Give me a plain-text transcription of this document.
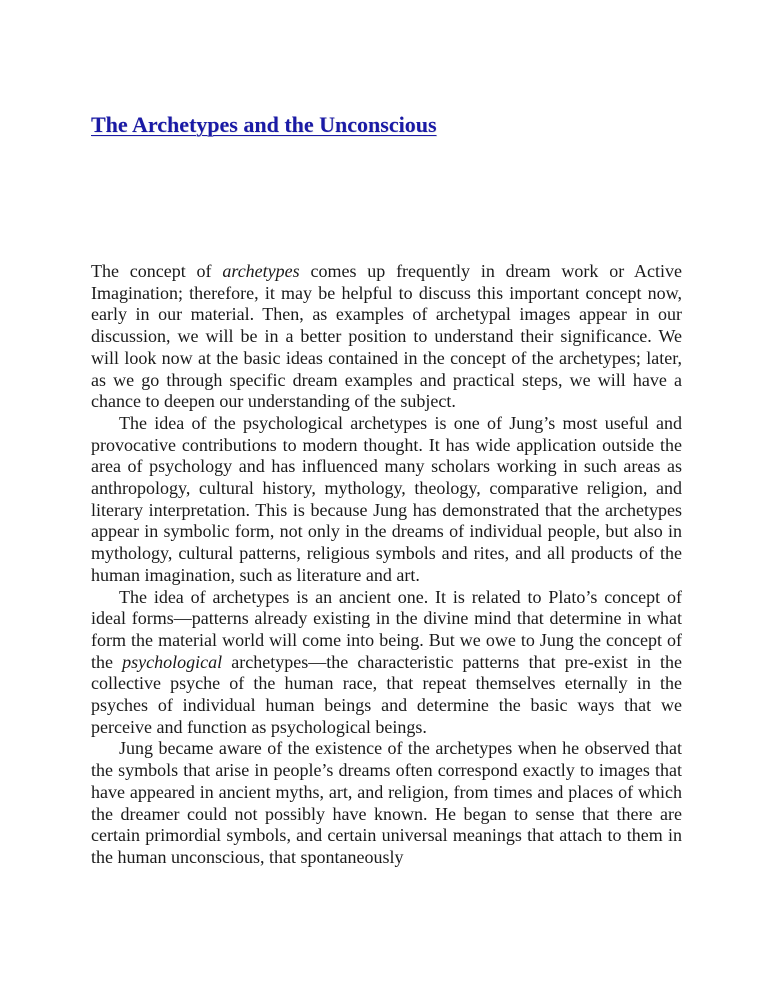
The Archetypes and the Unconscious

The concept of archetypes comes up frequently in dream work or Active Imagination; therefore, it may be helpful to discuss this important concept now, early in our material. Then, as examples of archetypal images appear in our discussion, we will be in a better position to understand their significance. We will look now at the basic ideas contained in the concept of the archetypes; later, as we go through specific dream examples and practical steps, we will have a chance to deepen our understanding of the subject.

The idea of the psychological archetypes is one of Jung’s most useful and provocative contributions to modern thought. It has wide application outside the area of psychology and has influenced many scholars working in such areas as anthropology, cultural history, mythology, theology, comparative religion, and literary interpretation. This is because Jung has demonstrated that the archetypes appear in symbolic form, not only in the dreams of individual people, but also in mythology, cultural patterns, religious symbols and rites, and all products of the human imagination, such as literature and art.

The idea of archetypes is an ancient one. It is related to Plato’s concept of ideal forms—patterns already existing in the divine mind that determine in what form the material world will come into being. But we owe to Jung the concept of the psychological archetypes—the characteristic patterns that pre-exist in the collective psyche of the human race, that repeat themselves eternally in the psyches of individual human beings and determine the basic ways that we perceive and function as psychological beings.

Jung became aware of the existence of the archetypes when he observed that the symbols that arise in people’s dreams often correspond exactly to images that have appeared in ancient myths, art, and religion, from times and places of which the dreamer could not possibly have known. He began to sense that there are certain primordial symbols, and certain universal meanings that attach to them in the human unconscious, that spontaneously
